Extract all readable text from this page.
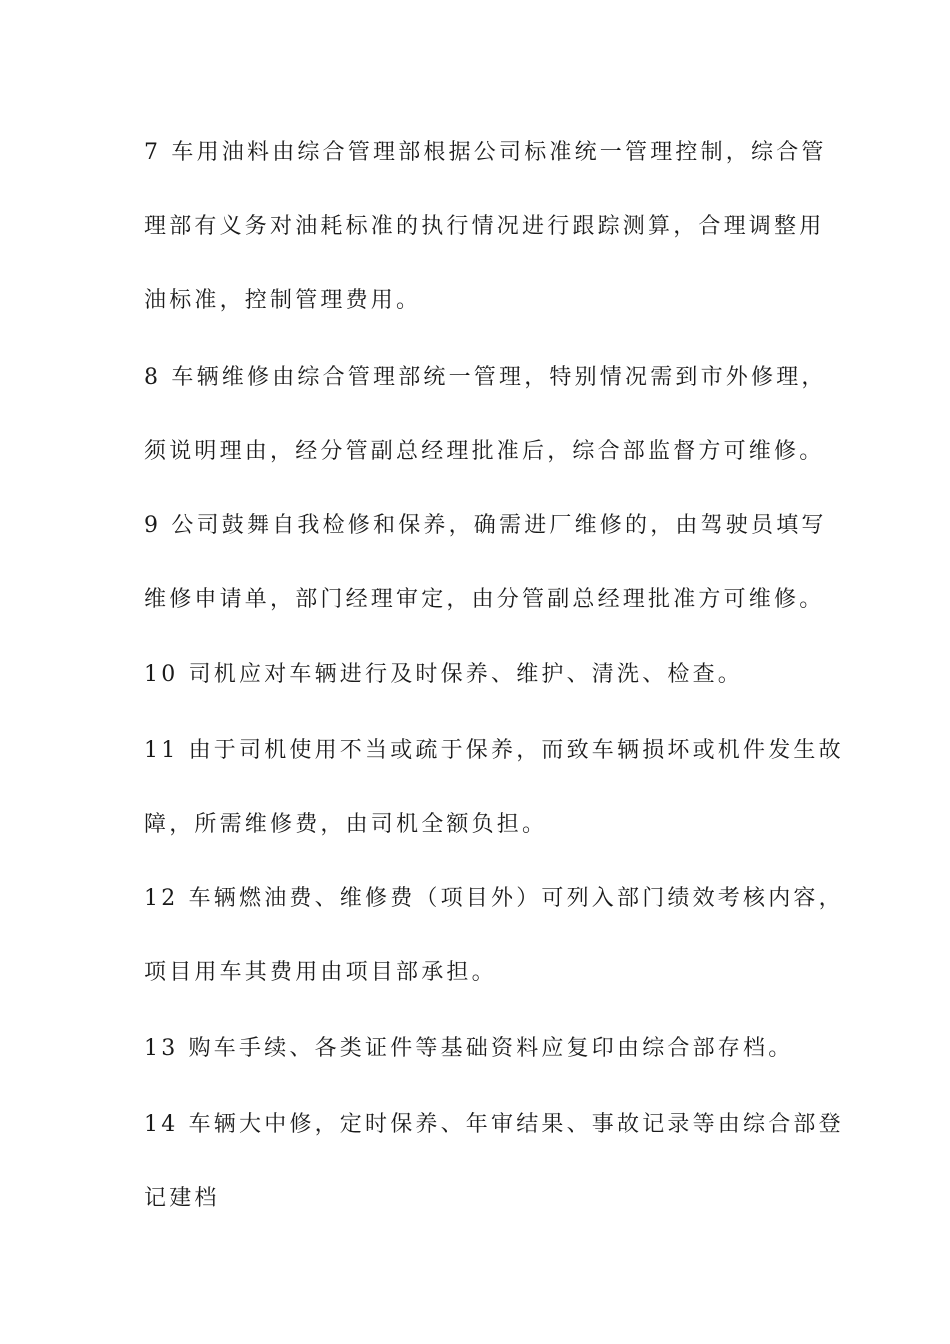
7 车用油料由综合管理部根据公司标准统一管理控制，综合管
理部有义务对油耗标准的执行情况进行跟踪测算，合理调整用
油标准，控制管理费用。
8 车辆维修由综合管理部统一管理，特别情况需到市外修理，
须说明理由，经分管副总经理批准后，综合部监督方可维修。
9 公司鼓舞自我检修和保养，确需进厂维修的，由驾驶员填写
维修申请单，部门经理审定，由分管副总经理批准方可维修。
10 司机应对车辆进行及时保养、维护、清洗、检查。
11 由于司机使用不当或疏于保养，而致车辆损坏或机件发生故
障，所需维修费，由司机全额负担。
12 车辆燃油费、维修费（项目外）可列入部门绩效考核内容，
项目用车其费用由项目部承担。
13 购车手续、各类证件等基础资料应复印由综合部存档。
14 车辆大中修，定时保养、年审结果、事故记录等由综合部登
记建档
